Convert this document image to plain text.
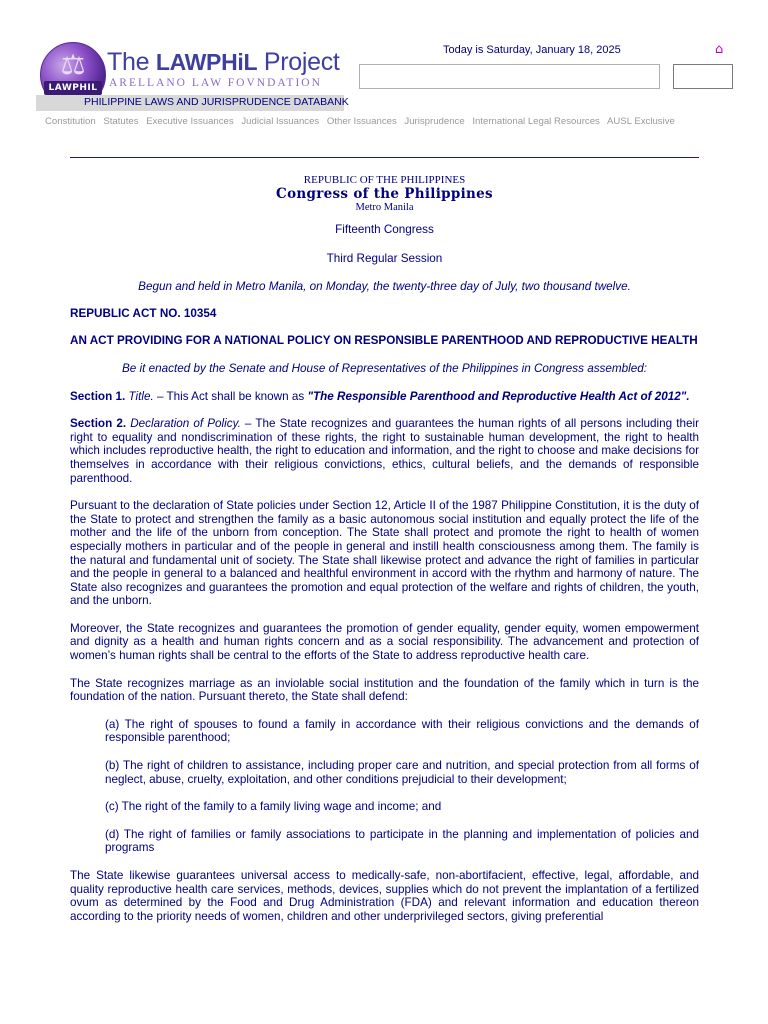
⚖
LAWPHIL
The LAWPHiL Project
ARELLANO LAW FOVNDATION
PHILIPPINE LAWS AND JURISPRUDENCE DATABANK
Today is Saturday, January 18, 2025	⌂
Constitution Statutes Executive Issuances Judicial Issuances Other Issuances Jurisprudence International Legal Resources AUSL Exclusive
REPUBLIC OF THE PHILIPPINES
Congress of the Philippines
Metro Manila
Fifteenth Congress
Third Regular Session
Begun and held in Metro Manila, on Monday, the twenty-three day of July, two thousand twelve.
REPUBLIC ACT NO. 10354
AN ACT PROVIDING FOR A NATIONAL POLICY ON RESPONSIBLE PARENTHOOD AND REPRODUCTIVE HEALTH
Be it enacted by the Senate and House of Representatives of the Philippines in Congress assembled:

Section 1. Title. – This Act shall be known as "The Responsible Parenthood and Reproductive Health Act of 2012".

Section 2. Declaration of Policy. – The State recognizes and guarantees the human rights of all persons including their right to equality and nondiscrimination of these rights, the right to sustainable human development, the right to health which includes reproductive health, the right to education and information, and the right to choose and make decisions for themselves in accordance with their religious convictions, ethics, cultural beliefs, and the demands of responsible parenthood.

Pursuant to the declaration of State policies under Section 12, Article II of the 1987 Philippine Constitution, it is the duty of the State to protect and strengthen the family as a basic autonomous social institution and equally protect the life of the mother and the life of the unborn from conception. The State shall protect and promote the right to health of women especially mothers in particular and of the people in general and instill health consciousness among them. The family is the natural and fundamental unit of society. The State shall likewise protect and advance the right of families in particular and the people in general to a balanced and healthful environment in accord with the rhythm and harmony of nature. The State also recognizes and guarantees the promotion and equal protection of the welfare and rights of children, the youth, and the unborn.

Moreover, the State recognizes and guarantees the promotion of gender equality, gender equity, women empowerment and dignity as a health and human rights concern and as a social responsibility. The advancement and protection of women’s human rights shall be central to the efforts of the State to address reproductive health care.

The State recognizes marriage as an inviolable social institution and the foundation of the family which in turn is the foundation of the nation. Pursuant thereto, the State shall defend:

(a) The right of spouses to found a family in accordance with their religious convictions and the demands of responsible parenthood;

(b) The right of children to assistance, including proper care and nutrition, and special protection from all forms of neglect, abuse, cruelty, exploitation, and other conditions prejudicial to their development;

(c) The right of the family to a family living wage and income; and

(d) The right of families or family associations to participate in the planning and implementation of policies and programs

The State likewise guarantees universal access to medically-safe, non-abortifacient, effective, legal, affordable, and quality reproductive health care services, methods, devices, supplies which do not prevent the implantation of a fertilized ovum as determined by the Food and Drug Administration (FDA) and relevant information and education thereon according to the priority needs of women, children and other underprivileged sectors, giving preferential
